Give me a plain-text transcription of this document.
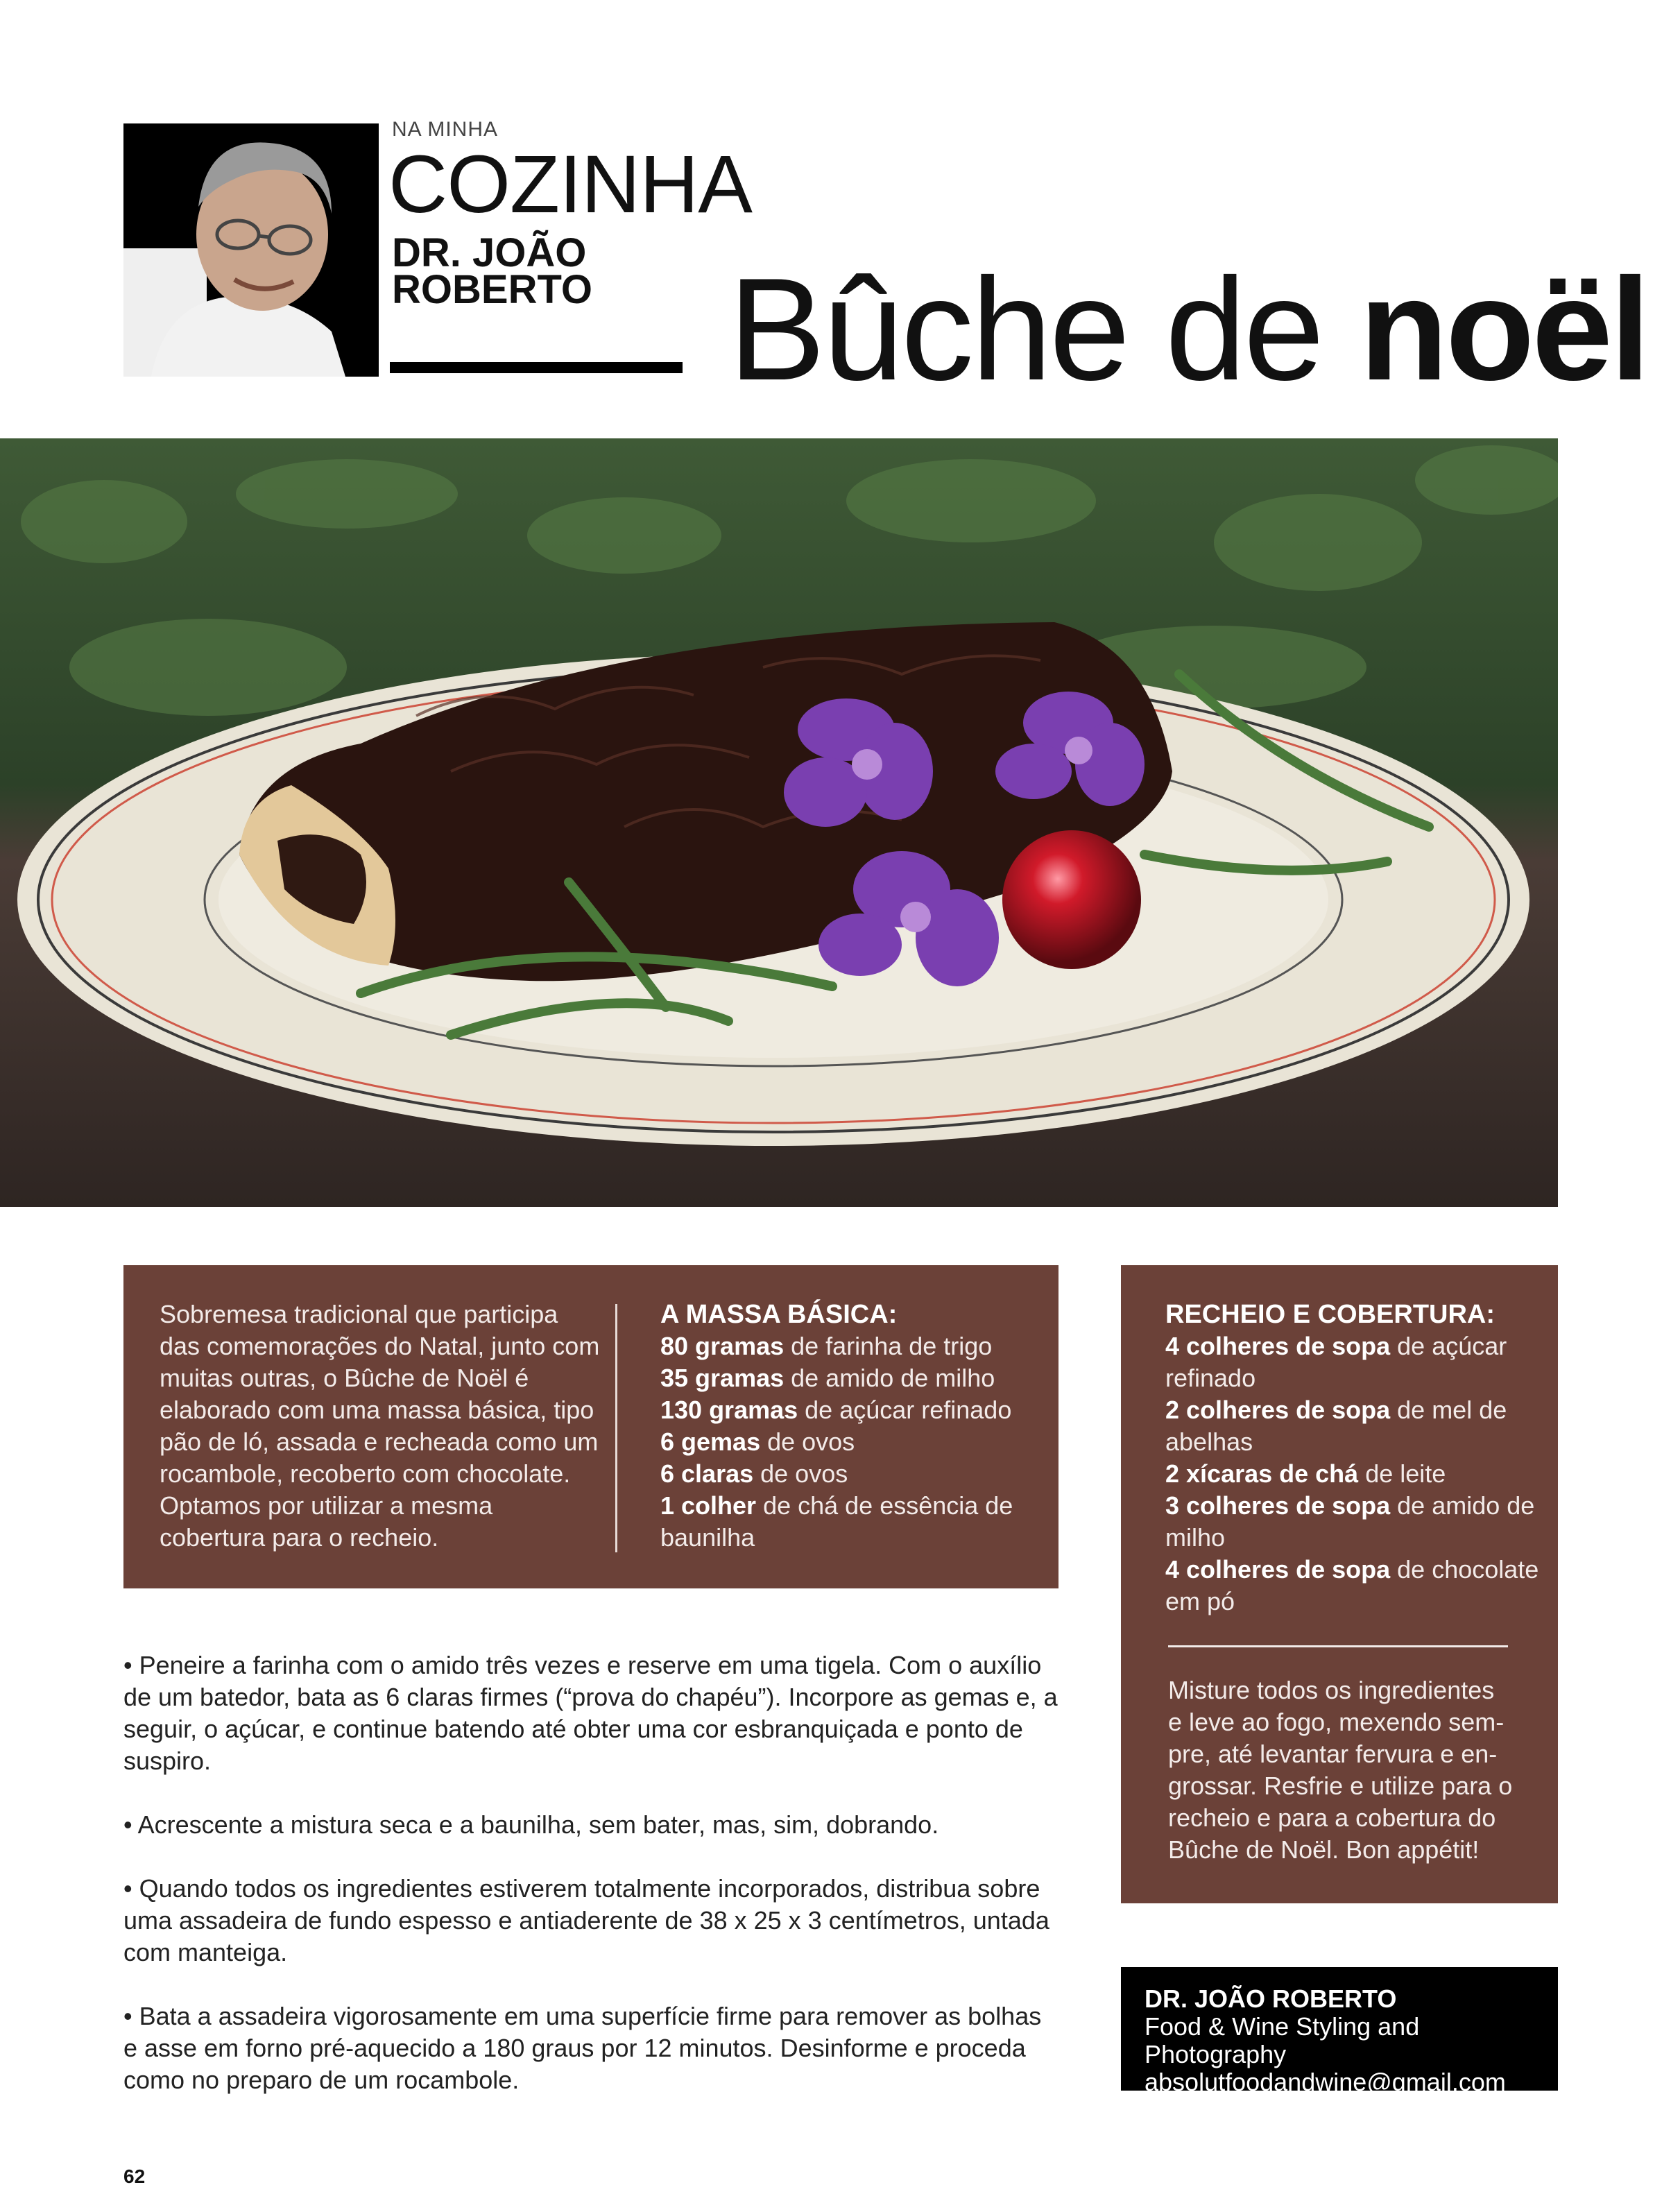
NA MINHA
COZINHA
DR. JOÃO
ROBERTO Bûche de noël
Sobremesa tradicional que participa das comemorações do Natal, junto com muitas outras, o Bûche de Noël é elaborado com uma massa básica, tipo pão de ló, assada e recheada como um rocambole, recoberto com chocolate. Optamos por utilizar a mesma cobertura para o recheio.
A MASSA BÁSICA:
80 gramas de farinha de trigo
35 gramas de amido de milho
130 gramas de açúcar refinado
6 gemas de ovos
6 claras de ovos
1 colher de chá de essência de baunilha
RECHEIO E COBERTURA:
4 colheres de sopa de açúcar refinado
2 colheres de sopa de mel de abelhas
2 xícaras de chá de leite
3 colheres de sopa de amido de milho
4 colheres de sopa de chocolate em pó
Misture todos os ingredientes e leve ao fogo, mexendo sem-pre, até levantar fervura e en-grossar. Resfrie e utilize para o recheio e para a cobertura do Bûche de Noël. Bon appétit!

• Peneire a farinha com o amido três vezes e reserve em uma tigela. Com o auxílio de um batedor, bata as 6 claras firmes (“prova do chapéu”). Incorpore as gemas e, a seguir, o açúcar, e continue batendo até obter uma cor esbranquiçada e ponto de suspiro.

• Acrescente a mistura seca e a baunilha, sem bater, mas, sim, dobrando.

• Quando todos os ingredientes estiverem totalmente incorporados, distribua sobre uma assadeira de fundo espesso e antiaderente de 38 x 25 x 3 centímetros, untada com manteiga.

• Bata a assadeira vigorosamente em uma superfície firme para remover as bolhas e asse em forno pré-aquecido a 180 graus por 12 minutos. Desinforme e proceda como no preparo de um rocambole.

DR. JOÃO ROBERTO
Food & Wine Styling and Photography
absolutfoodandwine@gmail.com
62
